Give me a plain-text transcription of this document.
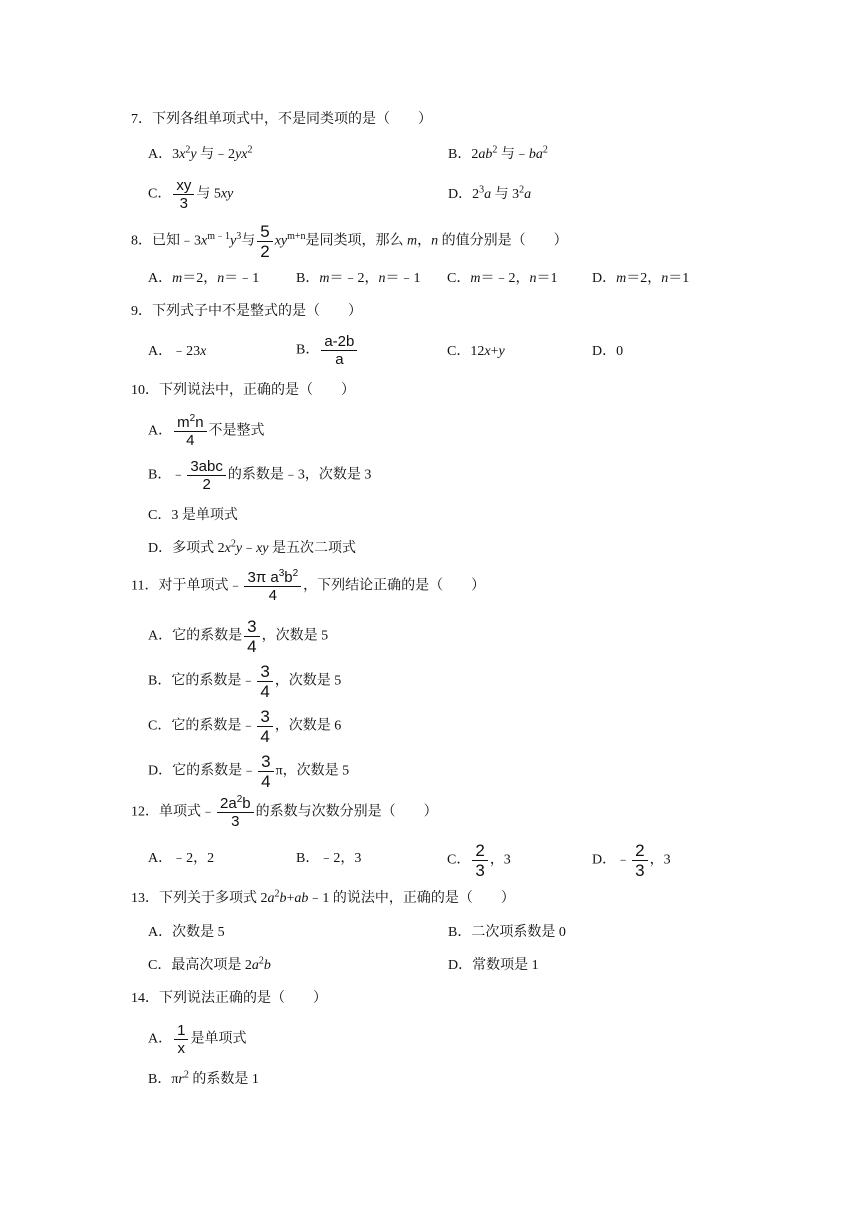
7．下列各组单项式中，不是同类项的是（　　）
A．$3x^2y$ 与$﹣2yx^2$	B．$2ab^2$ 与$﹣ba^2$
C． $\frac{xy}{3}$ 与 5xy	D．$2^3a$ 与 $3^2a$
8．已知$﹣3x^{m﹣1}y^3$与 $\frac{5}{2} xy^{m+n}$是同类项，那么 m，n 的值分别是（　　）
A．m＝2，n＝﹣1	B．m＝﹣2，n＝﹣1 C．m＝﹣2，n＝1 D．m＝2，n＝1
9．下列式子中不是整式的是（　　）
A．﹣23x	B． $\frac{a-2b}{a}$	C．12x+y	D．0
10．下列说法中，正确的是（　　）
A． $\frac{m^2n}{4}$ 不是整式
B．﹣ $\frac{\text{3abc}}{2}$ 的系数是﹣3，次数是 3
C．3 是单项式
D．多项式 $2x^2y﹣xy$ 是五次二项式
11．对于单项式﹣ $\frac{3\pi a^3b^2}{4}$ ，下列结论正确的是（　　）
A．它的系数是 $\frac{3}{4}$ ，次数是 5
B．它的系数是﹣ $\frac{3}{4}$ ，次数是 5
C．它的系数是﹣ $\frac{3}{4}$ ，次数是 6
D．它的系数是﹣ $\frac{3}{4}$ π，次数是 5
12．单项式﹣ $\frac{2a^2b}{3}$ 的系数与次数分别是（　　）
A．﹣2，2	B．﹣2，3	C． $\frac{2}{3}$ ，3	D．﹣ $\frac{2}{3}$ ，3
13．下列关于多项式 $2a^2b+ab﹣1$ 的说法中，正确的是（　　）
A．次数是 5	B．二次项系数是 0
C．最高次项是 $2a^2b$	D．常数项是 1
14．下列说法正确的是（　　）
A． $\frac{1}{x}$ 是单项式
B．$\pi r^2$ 的系数是 1
